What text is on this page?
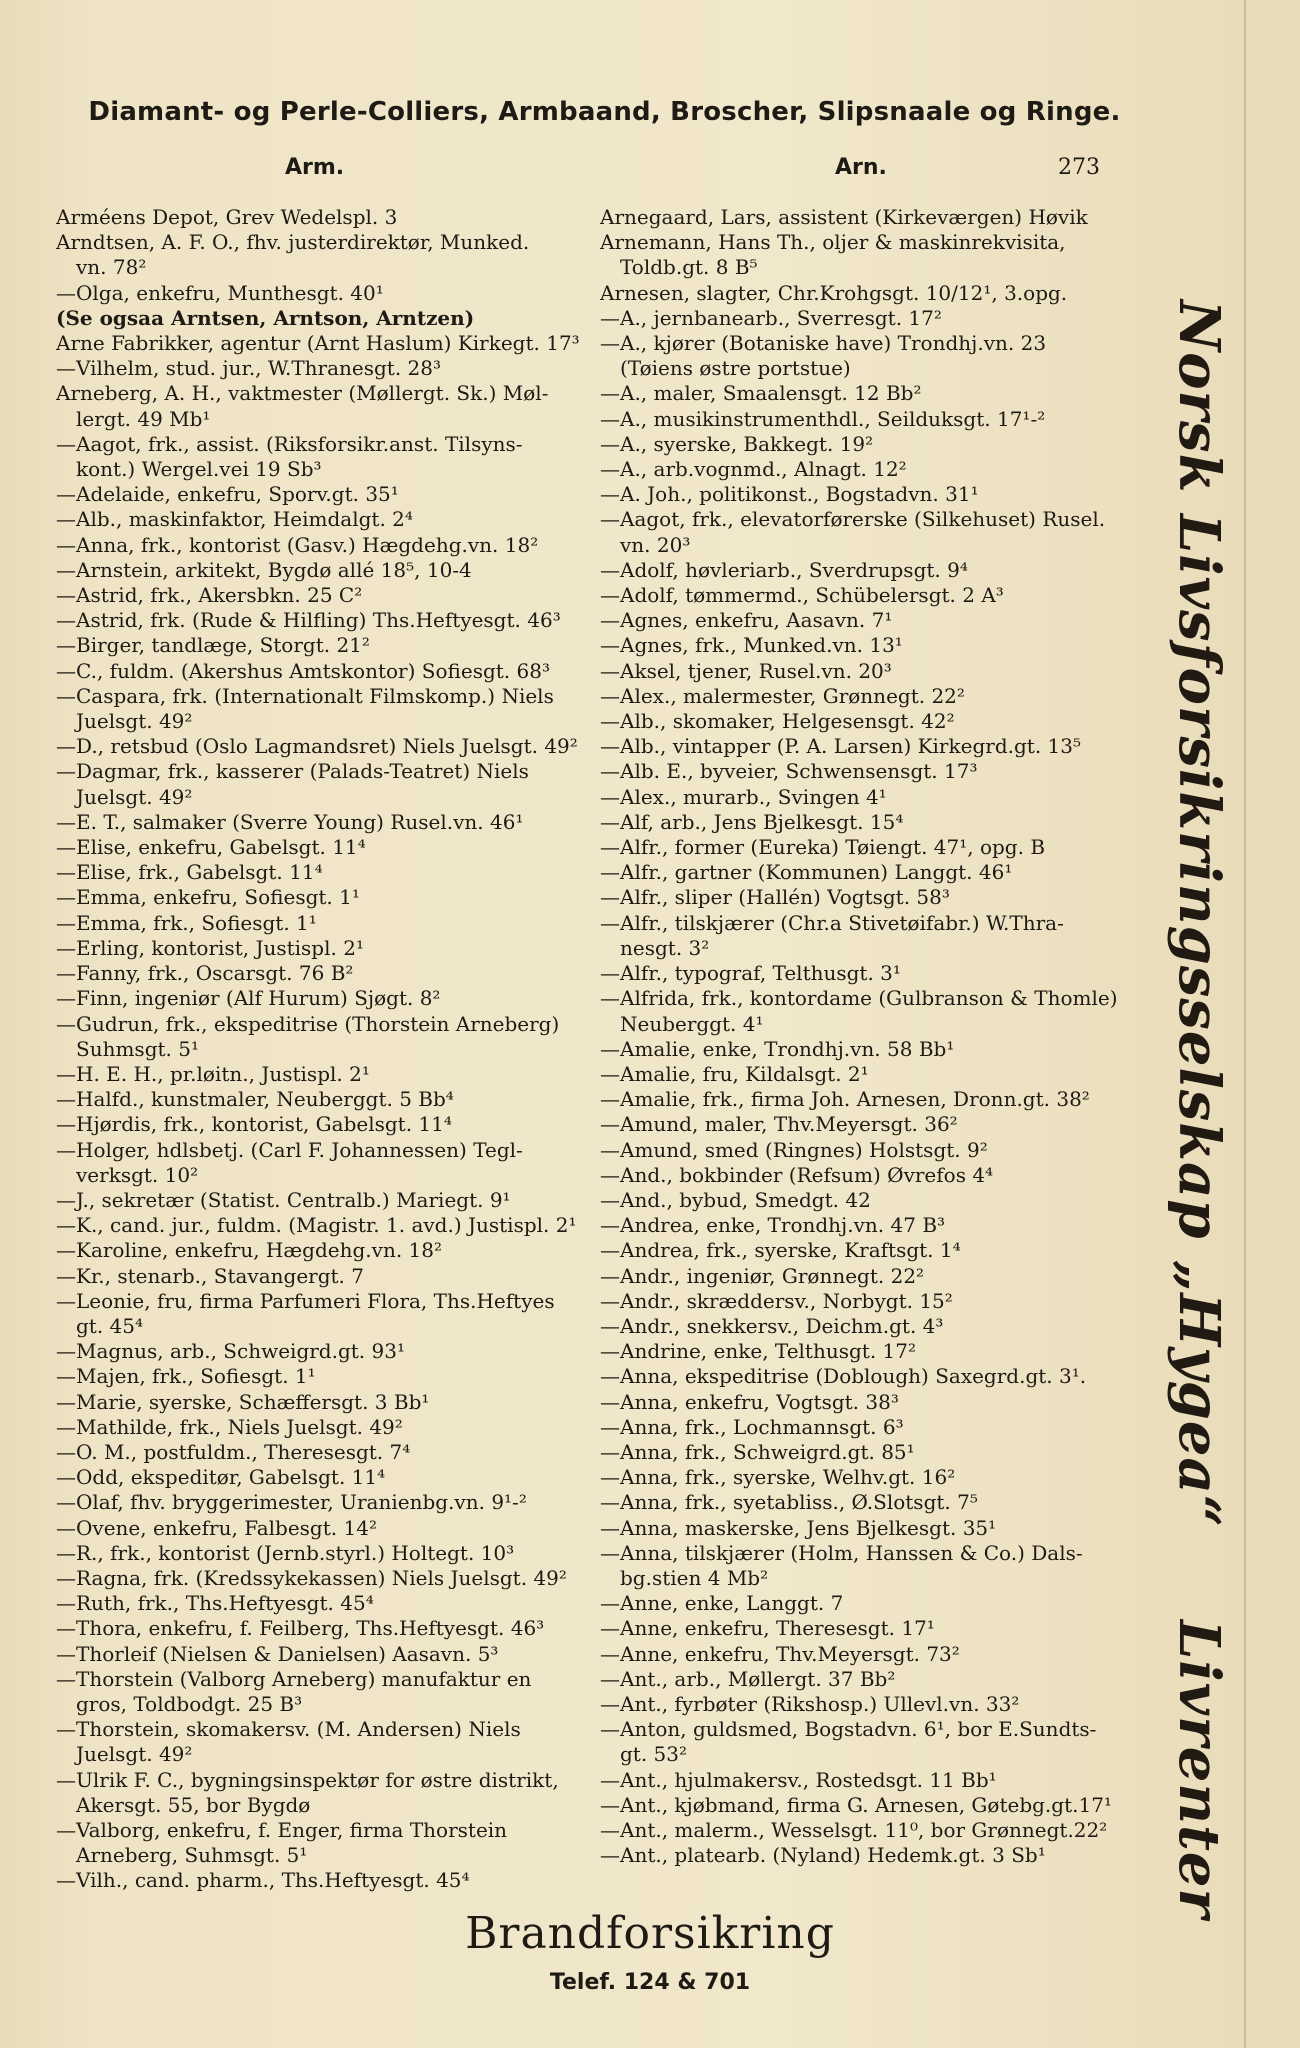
Diamant- og Perle-Colliers, Armbaand, Broscher, Slipsnaale og Ringe.
Arm.	Arn.	273
Arméens Depot, Grev Wedelspl. 3
Arndtsen, A. F. O., fhv. justerdirektør, Munked.
 vn. 78²
—Olga, enkefru, Munthesgt. 40¹
(Se ogsaa Arntsen, Arntson, Arntzen)
Arne Fabrikker, agentur (Arnt Haslum) Kirkegt. 17³
—Vilhelm, stud. jur., W.Thranesgt. 28³
Arneberg, A. H., vaktmester (Møllergt. Sk.) Møl-
 lergt. 49 Mb¹
—Aagot, frk., assist. (Riksforsikr.anst. Tilsyns-
 kont.) Wergel.vei 19 Sb³
—Adelaide, enkefru, Sporv.gt. 35¹
—Alb., maskinfaktor, Heimdalgt. 2⁴
—Anna, frk., kontorist (Gasv.) Hægdehg.vn. 18²
—Arnstein, arkitekt, Bygdø allé 18⁵, 10-4
—Astrid, frk., Akersbkn. 25 C²
—Astrid, frk. (Rude & Hilfling) Ths.Heftyesgt. 46³
—Birger, tandlæge, Storgt. 21²
—C., fuldm. (Akershus Amtskontor) Sofiesgt. 68³
—Caspara, frk. (Internationalt Filmskomp.) Niels
 Juelsgt. 49²
—D., retsbud (Oslo Lagmandsret) Niels Juelsgt. 49²
—Dagmar, frk., kasserer (Palads-Teatret) Niels
 Juelsgt. 49²
—E. T., salmaker (Sverre Young) Rusel.vn. 46¹
—Elise, enkefru, Gabelsgt. 11⁴
—Elise, frk., Gabelsgt. 11⁴
—Emma, enkefru, Sofiesgt. 1¹
—Emma, frk., Sofiesgt. 1¹
—Erling, kontorist, Justispl. 2¹
—Fanny, frk., Oscarsgt. 76 B²
—Finn, ingeniør (Alf Hurum) Sjøgt. 8²
—Gudrun, frk., ekspeditrise (Thorstein Arneberg)
 Suhmsgt. 5¹
—H. E. H., pr.løitn., Justispl. 2¹
—Halfd., kunstmaler, Neuberggt. 5 Bb⁴
—Hjørdis, frk., kontorist, Gabelsgt. 11⁴
—Holger, hdlsbetj. (Carl F. Johannessen) Tegl-
 verksgt. 10²
—J., sekretær (Statist. Centralb.) Mariegt. 9¹
—K., cand. jur., fuldm. (Magistr. 1. avd.) Justispl. 2¹
—Karoline, enkefru, Hægdehg.vn. 18²
—Kr., stenarb., Stavangergt. 7
—Leonie, fru, firma Parfumeri Flora, Ths.Heftyes
 gt. 45⁴
—Magnus, arb., Schweigrd.gt. 93¹
—Majen, frk., Sofiesgt. 1¹
—Marie, syerske, Schæffersgt. 3 Bb¹
—Mathilde, frk., Niels Juelsgt. 49²
—O. M., postfuldm., Theresesgt. 7⁴
—Odd, ekspeditør, Gabelsgt. 11⁴
—Olaf, fhv. bryggerimester, Uranienbg.vn. 9¹-²
—Ovene, enkefru, Falbesgt. 14²
—R., frk., kontorist (Jernb.styrl.) Holtegt. 10³
—Ragna, frk. (Kredssykekassen) Niels Juelsgt. 49²
—Ruth, frk., Ths.Heftyesgt. 45⁴
—Thora, enkefru, f. Feilberg, Ths.Heftyesgt. 46³
—Thorleif (Nielsen & Danielsen) Aasavn. 5³
—Thorstein (Valborg Arneberg) manufaktur en
 gros, Toldbodgt. 25 B³
—Thorstein, skomakersv. (M. Andersen) Niels
 Juelsgt. 49²
—Ulrik F. C., bygningsinspektør for østre distrikt,
 Akersgt. 55, bor Bygdø
—Valborg, enkefru, f. Enger, firma Thorstein
 Arneberg, Suhmsgt. 5¹
—Vilh., cand. pharm., Ths.Heftyesgt. 45⁴
Arnegaard, Lars, assistent (Kirkeværgen) Høvik
Arnemann, Hans Th., oljer & maskinrekvisita,
 Toldb.gt. 8 B⁵
Arnesen, slagter, Chr.Krohgsgt. 10/12¹, 3.opg.
—A., jernbanearb., Sverresgt. 17²
—A., kjører (Botaniske have) Trondhj.vn. 23
 (Tøiens østre portstue)
—A., maler, Smaalensgt. 12 Bb²
—A., musikinstrumenthdl., Seilduksgt. 17¹-²
—A., syerske, Bakkegt. 19²
—A., arb.vognmd., Alnagt. 12²
—A. Joh., politikonst., Bogstadvn. 31¹
—Aagot, frk., elevatorførerske (Silkehuset) Rusel.
 vn. 20³
—Adolf, høvleriarb., Sverdrupsgt. 9⁴
—Adolf, tømmermd., Schübelersgt. 2 A³
—Agnes, enkefru, Aasavn. 7¹
—Agnes, frk., Munked.vn. 13¹
—Aksel, tjener, Rusel.vn. 20³
—Alex., malermester, Grønnegt. 22²
—Alb., skomaker, Helgesensgt. 42²
—Alb., vintapper (P. A. Larsen) Kirkegrd.gt. 13⁵
—Alb. E., byveier, Schwensensgt. 17³
—Alex., murarb., Svingen 4¹
—Alf, arb., Jens Bjelkesgt. 15⁴
—Alfr., former (Eureka) Tøiengt. 47¹, opg. B
—Alfr., gartner (Kommunen) Langgt. 46¹
—Alfr., sliper (Hallén) Vogtsgt. 58³
—Alfr., tilskjærer (Chr.a Stivetøifabr.) W.Thra-
 nesgt. 3²
—Alfr., typograf, Telthusgt. 3¹
—Alfrida, frk., kontordame (Gulbranson & Thomle)
 Neuberggt. 4¹
—Amalie, enke, Trondhj.vn. 58 Bb¹
—Amalie, fru, Kildalsgt. 2¹
—Amalie, frk., firma Joh. Arnesen, Dronn.gt. 38²
—Amund, maler, Thv.Meyersgt. 36²
—Amund, smed (Ringnes) Holstsgt. 9²
—And., bokbinder (Refsum) Øvrefos 4⁴
—And., bybud, Smedgt. 42
—Andrea, enke, Trondhj.vn. 47 B³
—Andrea, frk., syerske, Kraftsgt. 1⁴
—Andr., ingeniør, Grønnegt. 22²
—Andr., skræddersv., Norbygt. 15²
—Andr., snekkersv., Deichm.gt. 4³
—Andrine, enke, Telthusgt. 17²
—Anna, ekspeditrise (Doblough) Saxegrd.gt. 3¹.
—Anna, enkefru, Vogtsgt. 38³
—Anna, frk., Lochmannsgt. 6³
—Anna, frk., Schweigrd.gt. 85¹
—Anna, frk., syerske, Welhv.gt. 16²
—Anna, frk., syetabliss., Ø.Slotsgt. 7⁵
—Anna, maskerske, Jens Bjelkesgt. 35¹
—Anna, tilskjærer (Holm, Hanssen & Co.) Dals-
 bg.stien 4 Mb²
—Anne, enke, Langgt. 7
—Anne, enkefru, Theresesgt. 17¹
—Anne, enkefru, Thv.Meyersgt. 73²
—Ant., arb., Møllergt. 37 Bb²
—Ant., fyrbøter (Rikshosp.) Ullevl.vn. 33²
—Anton, guldsmed, Bogstadvn. 6¹, bor E.Sundts-
 gt. 53²
—Ant., hjulmakersv., Rostedsgt. 11 Bb¹
—Ant., kjøbmand, firma G. Arnesen, Gøtebg.gt.17¹
—Ant., malerm., Wesselsgt. 11⁰, bor Grønnegt.22²
—Ant., platearb. (Nyland) Hedemk.gt. 3 Sb¹
Norsk Livsforsikringsselskap „Hygea“
Livrenter
Brandforsikring
Telef. 124 & 701
